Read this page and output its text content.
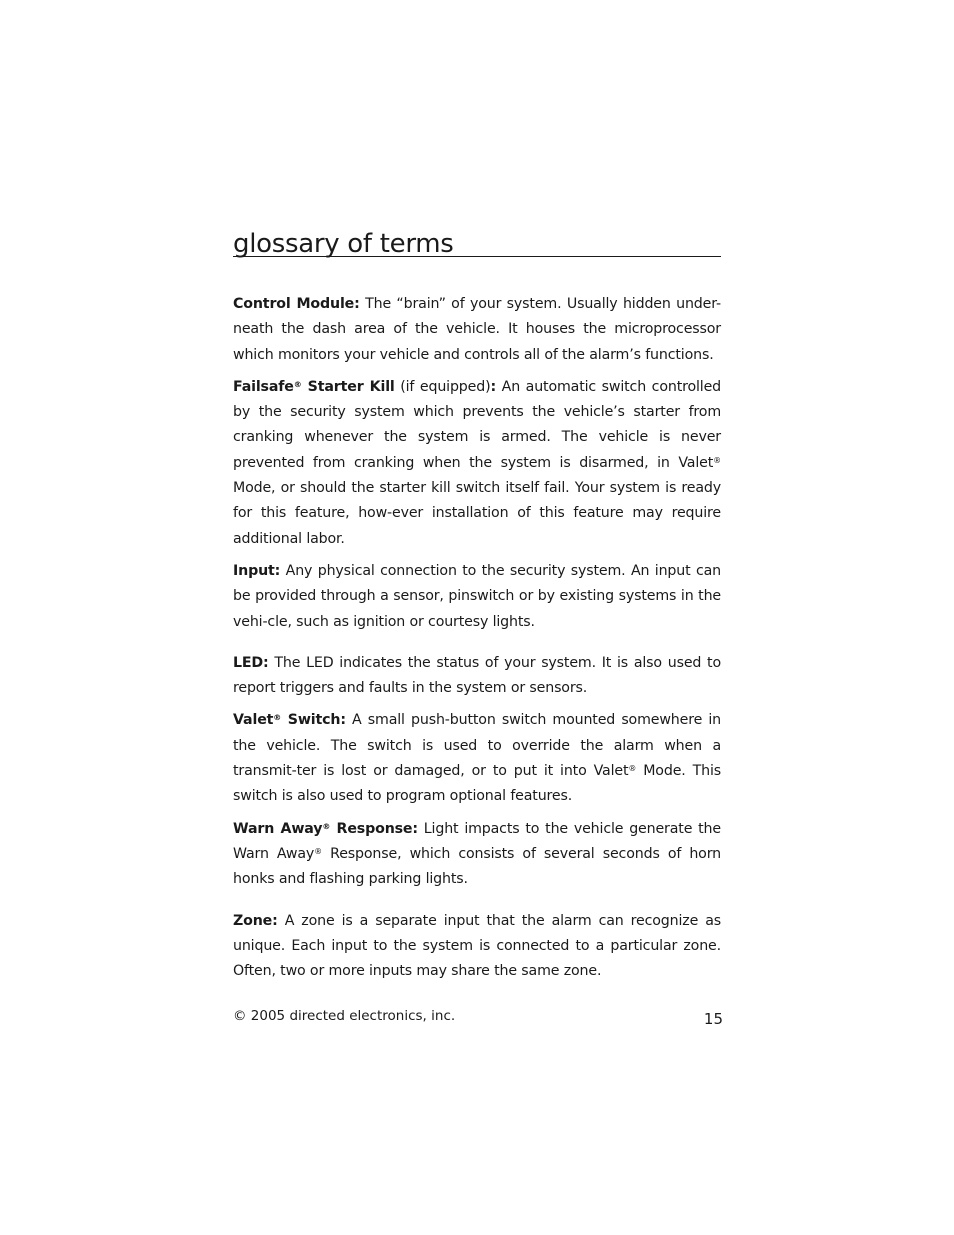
glossary of terms

Control Module: The “brain” of your system. Usually hidden under-neath the dash area of the vehicle. It houses the microprocessor which monitors your vehicle and controls all of the alarm’s functions.

Failsafe® Starter Kill (if equipped): An automatic switch controlled by the security system which prevents the vehicle’s starter from cranking whenever the system is armed. The vehicle is never prevented from cranking when the system is disarmed, in Valet® Mode, or should the starter kill switch itself fail. Your system is ready for this feature, how-ever installation of this feature may require additional labor.

Input: Any physical connection to the security system. An input can be provided through a sensor, pinswitch or by existing systems in the vehi-cle, such as ignition or courtesy lights.

LED: The LED indicates the status of your system. It is also used to report triggers and faults in the system or sensors.

Valet® Switch: A small push-button switch mounted somewhere in the vehicle. The switch is used to override the alarm when a transmit-ter is lost or damaged, or to put it into Valet® Mode. This switch is also used to program optional features.

Warn Away® Response: Light impacts to the vehicle generate the Warn Away® Response, which consists of several seconds of horn honks and flashing parking lights.

Zone: A zone is a separate input that the alarm can recognize as unique. Each input to the system is connected to a particular zone. Often, two or more inputs may share the same zone.

© 2005 directed electronics, inc.	15
